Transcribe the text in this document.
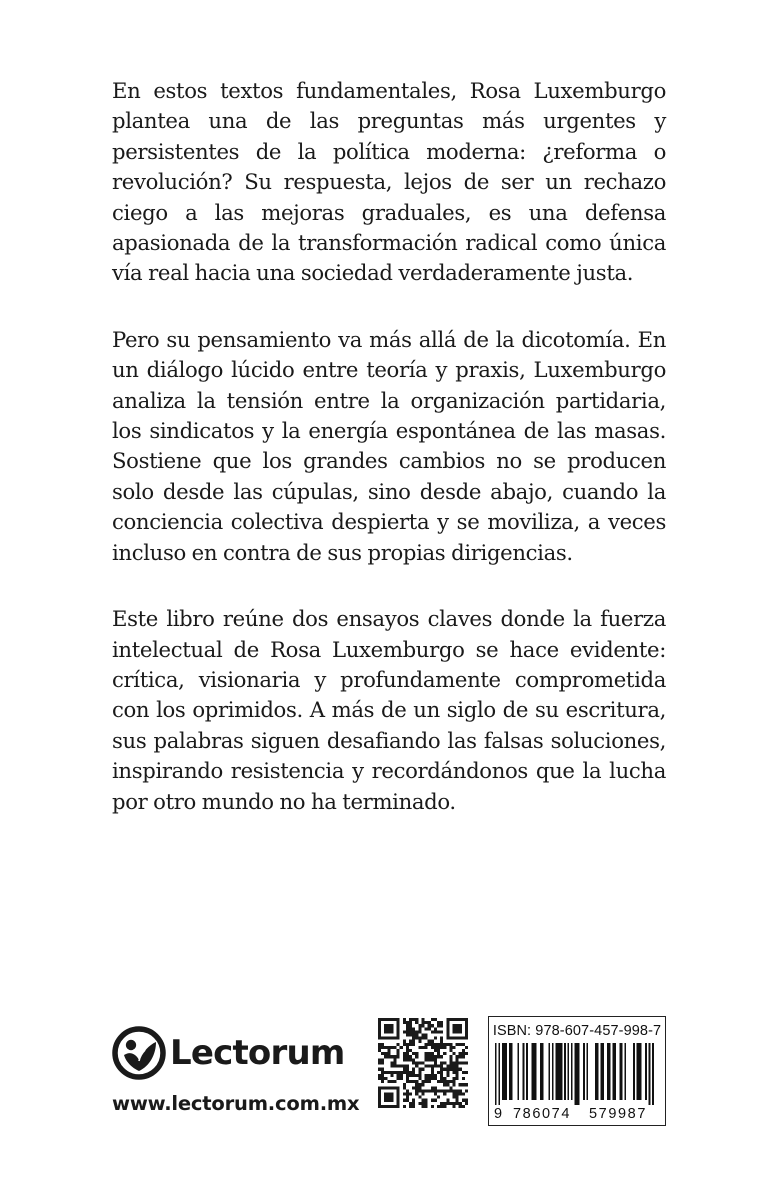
En estos textos fundamentales, Rosa Luxemburgo plantea una de las preguntas más urgentes y persistentes de la política moderna: ¿reforma o revolución? Su respuesta, lejos de ser un rechazo ciego a las mejoras graduales, es una defensa apasionada de la transformación radical como única vía real hacia una sociedad verdaderamente justa.

Pero su pensamiento va más allá de la dicotomía. En un diálogo lúcido entre teoría y praxis, Luxemburgo analiza la tensión entre la organización partidaria, los sindicatos y la energía espontánea de las masas. Sostiene que los grandes cambios no se producen solo desde las cúpulas, sino desde abajo, cuando la conciencia colectiva despierta y se moviliza, a veces incluso en contra de sus propias dirigencias.

Este libro reúne dos ensayos claves donde la fuerza intelectual de Rosa Luxemburgo se hace evidente: crítica, visionaria y profundamente comprometida con los oprimidos. A más de un siglo de su escritura, sus palabras siguen desafiando las falsas soluciones, inspirando resistencia y recordándonos que la lucha por otro mundo no ha terminado.

Lectorum
www.lectorum.com.mx
ISBN: 978-607-457-998-7
9 786074 579987
